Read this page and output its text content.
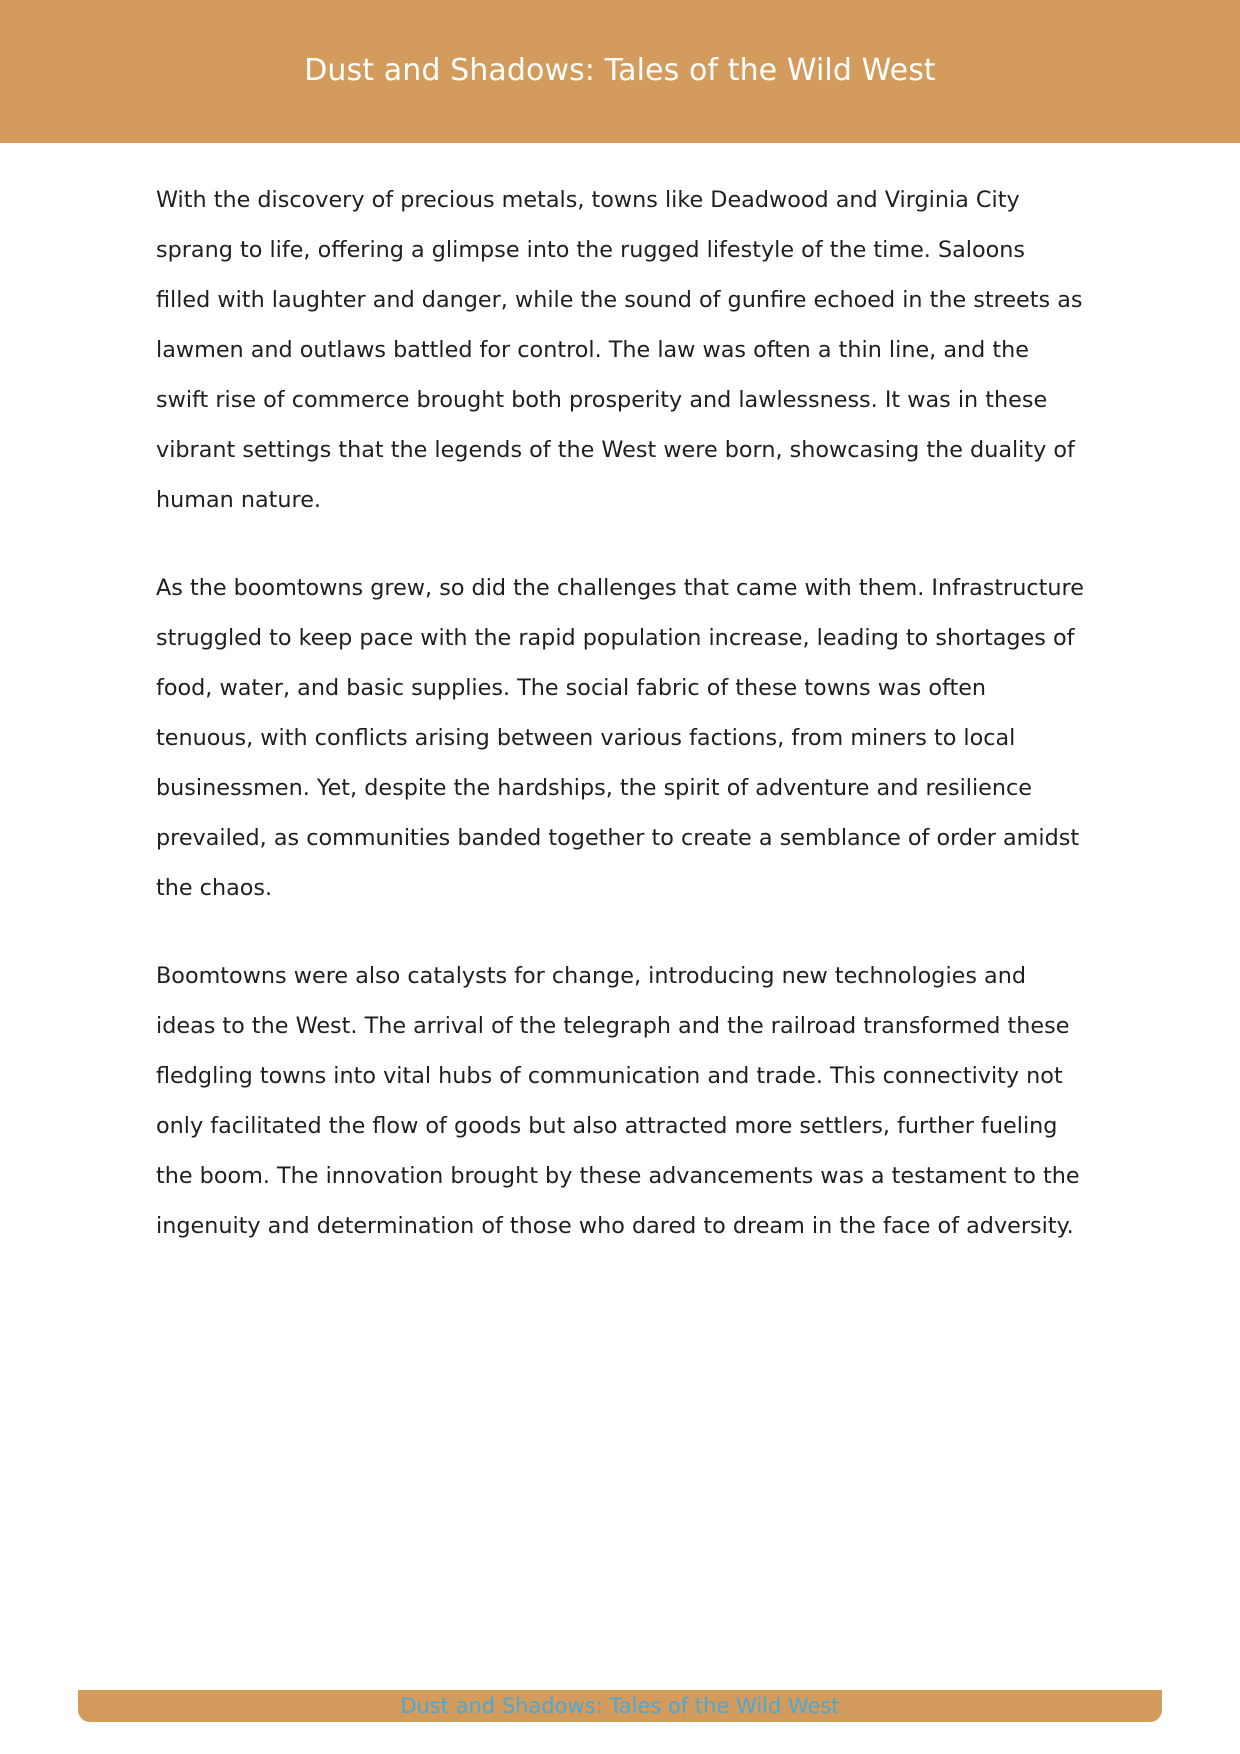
Dust and Shadows: Tales of the Wild West

With the discovery of precious metals, towns like Deadwood and Virginia City sprang to life, offering a glimpse into the rugged lifestyle of the time. Saloons filled with laughter and danger, while the sound of gunfire echoed in the streets as lawmen and outlaws battled for control. The law was often a thin line, and the swift rise of commerce brought both prosperity and lawlessness. It was in these vibrant settings that the legends of the West were born, showcasing the duality of human nature.

As the boomtowns grew, so did the challenges that came with them. Infrastructure struggled to keep pace with the rapid population increase, leading to shortages of food, water, and basic supplies. The social fabric of these towns was often tenuous, with conflicts arising between various factions, from miners to local businessmen. Yet, despite the hardships, the spirit of adventure and resilience prevailed, as communities banded together to create a semblance of order amidst the chaos.

Boomtowns were also catalysts for change, introducing new technologies and ideas to the West. The arrival of the telegraph and the railroad transformed these fledgling towns into vital hubs of communication and trade. This connectivity not only facilitated the flow of goods but also attracted more settlers, further fueling the boom. The innovation brought by these advancements was a testament to the ingenuity and determination of those who dared to dream in the face of adversity.

Dust and Shadows: Tales of the Wild West
